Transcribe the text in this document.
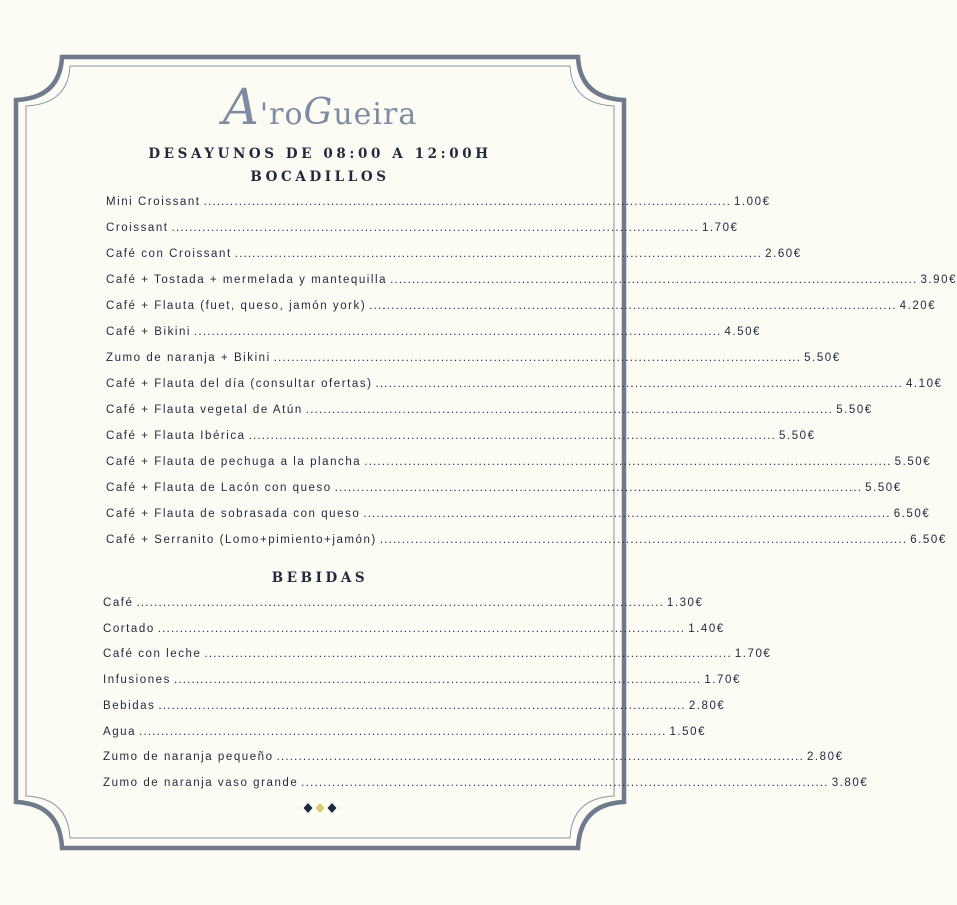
A'roGueira
DESAYUNOS DE 08:00 A 12:00H
BOCADILLOS
Mini Croissant ........................................................................................................................ 1.00€
Croissant ........................................................................................................................ 1.70€
Café con Croissant ........................................................................................................................ 2.60€
Café + Tostada + mermelada y mantequilla ........................................................................................................................ 3.90€
Café + Flauta (fuet, queso, jamón york) ........................................................................................................................ 4.20€
Café + Bikini ........................................................................................................................ 4.50€
Zumo de naranja + Bikini ........................................................................................................................ 5.50€
Café + Flauta del día (consultar ofertas) ........................................................................................................................ 4.10€
Café + Flauta vegetal de Atún ........................................................................................................................ 5.50€
Café + Flauta Ibérica ........................................................................................................................ 5.50€
Café + Flauta de pechuga a la plancha ........................................................................................................................ 5.50€
Café + Flauta de Lacón con queso ........................................................................................................................ 5.50€
Café + Flauta de sobrasada con queso ........................................................................................................................ 6.50€
Café + Serranito (Lomo+pimiento+jamón) ........................................................................................................................ 6.50€
BEBIDAS
Café ........................................................................................................................ 1.30€
Cortado ........................................................................................................................ 1.40€
Café con leche ........................................................................................................................ 1.70€
Infusiones ........................................................................................................................ 1.70€
Bebidas ........................................................................................................................ 2.80€
Agua ........................................................................................................................ 1.50€
Zumo de naranja pequeño ........................................................................................................................ 2.80€
Zumo de naranja vaso grande ........................................................................................................................ 3.80€
